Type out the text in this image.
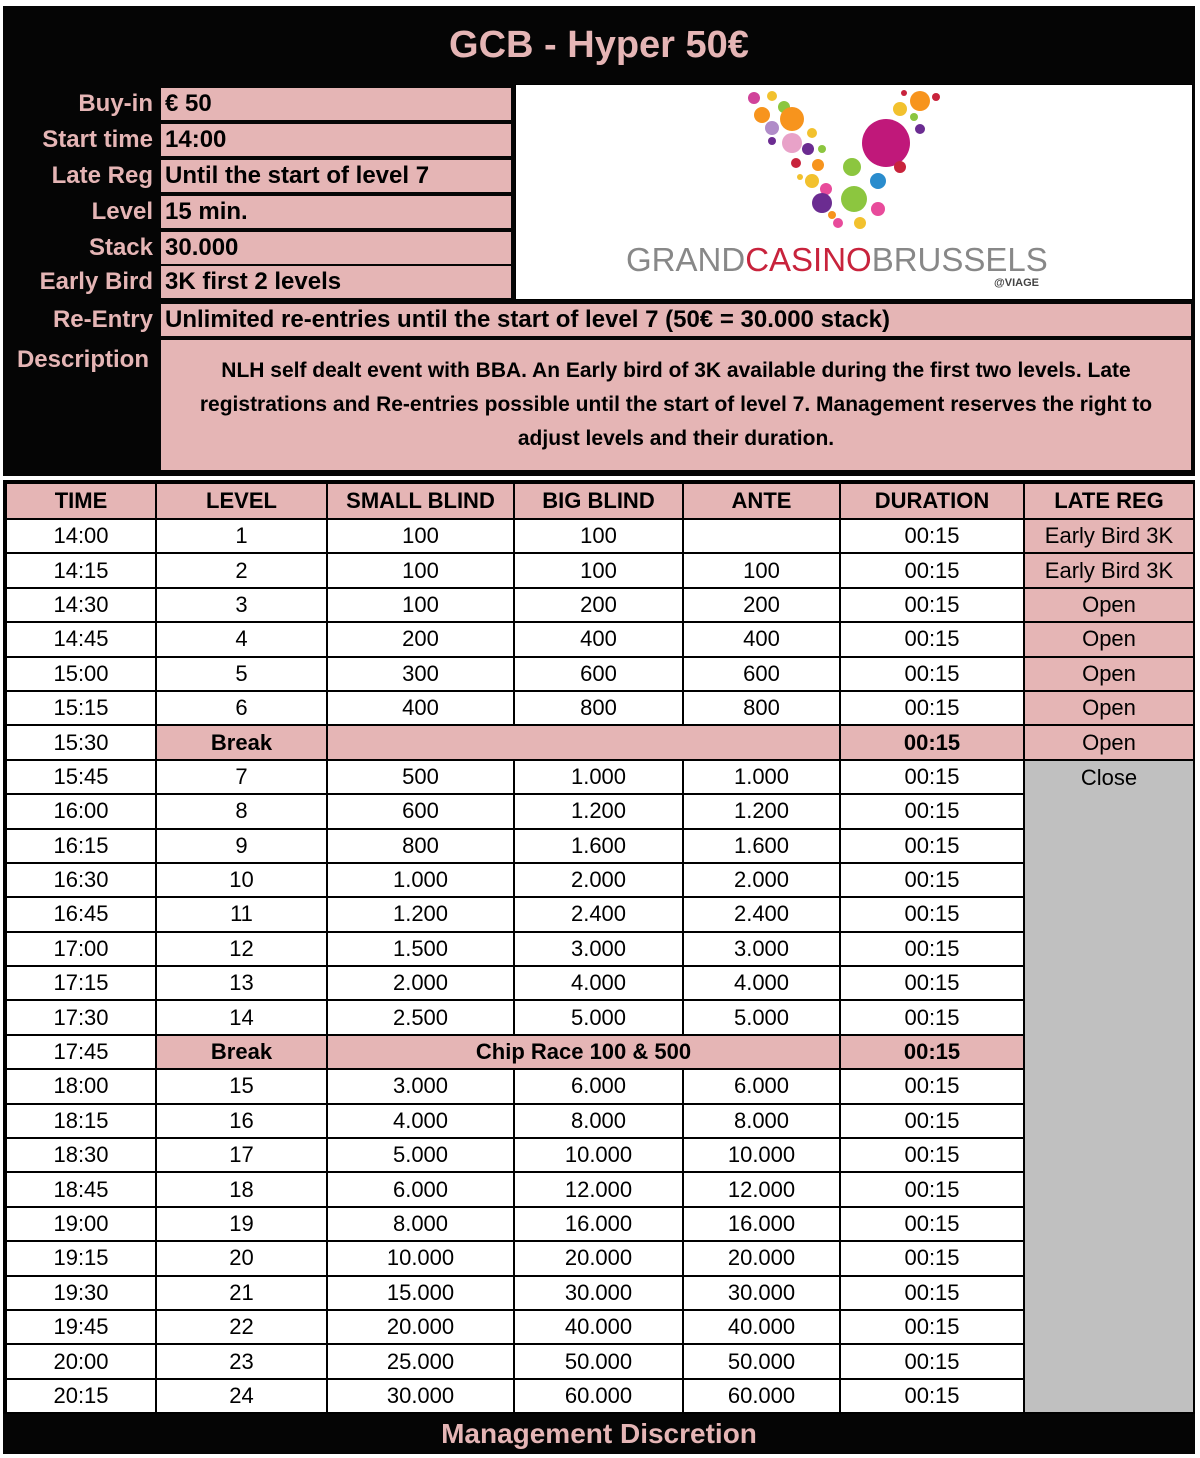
GCB - Hyper 50€
Buy-in € 50
Start time 14:00
Late Reg Until the start of level 7
Level 15 min.
Stack 30.000
Early Bird 3K first 2 levels
Re-Entry Unlimited re-entries until the start of level 7 (50€ = 30.000 stack)
Description	NLH self dealt event with BBA. An Early bird of 3K available during the first two levels. Late registrations and Re-entries possible until the start of level 7. Management reserves the right to adjust levels and their duration.
GRANDCASINOBRUSSELS
@VIAGE
TIME	LEVEL	SMALL BLIND	BIG BLIND	ANTE	DURATION	LATE REG
14:00	1	100	100		00:15	Early Bird 3K
14:15	2	100	100	100	00:15	Early Bird 3K
14:30	3	100	200	200	00:15	Open
14:45	4	200	400	400	00:15	Open
15:00	5	300	600	600	00:15	Open
15:15	6	400	800	800	00:15	Open
15:30	Break				00:15	Open
15:45	7	500	1.000	1.000	00:15	Close
16:00	8	600	1.200	1.200	00:15	
16:15	9	800	1.600	1.600	00:15	
16:30	10	1.000	2.000	2.000	00:15	
16:45	11	1.200	2.400	2.400	00:15	
17:00	12	1.500	3.000	3.000	00:15	
17:15	13	2.000	4.000	4.000	00:15	
17:30	14	2.500	5.000	5.000	00:15	
17:45	Break	Chip Race 100 & 500			00:15	
18:00	15	3.000	6.000	6.000	00:15	
18:15	16	4.000	8.000	8.000	00:15	
18:30	17	5.000	10.000	10.000	00:15	
18:45	18	6.000	12.000	12.000	00:15	
19:00	19	8.000	16.000	16.000	00:15	
19:15	20	10.000	20.000	20.000	00:15	
19:30	21	15.000	30.000	30.000	00:15	
19:45	22	20.000	40.000	40.000	00:15	
20:00	23	25.000	50.000	50.000	00:15	
20:15	24	30.000	60.000	60.000	00:15	
Management Discretion
